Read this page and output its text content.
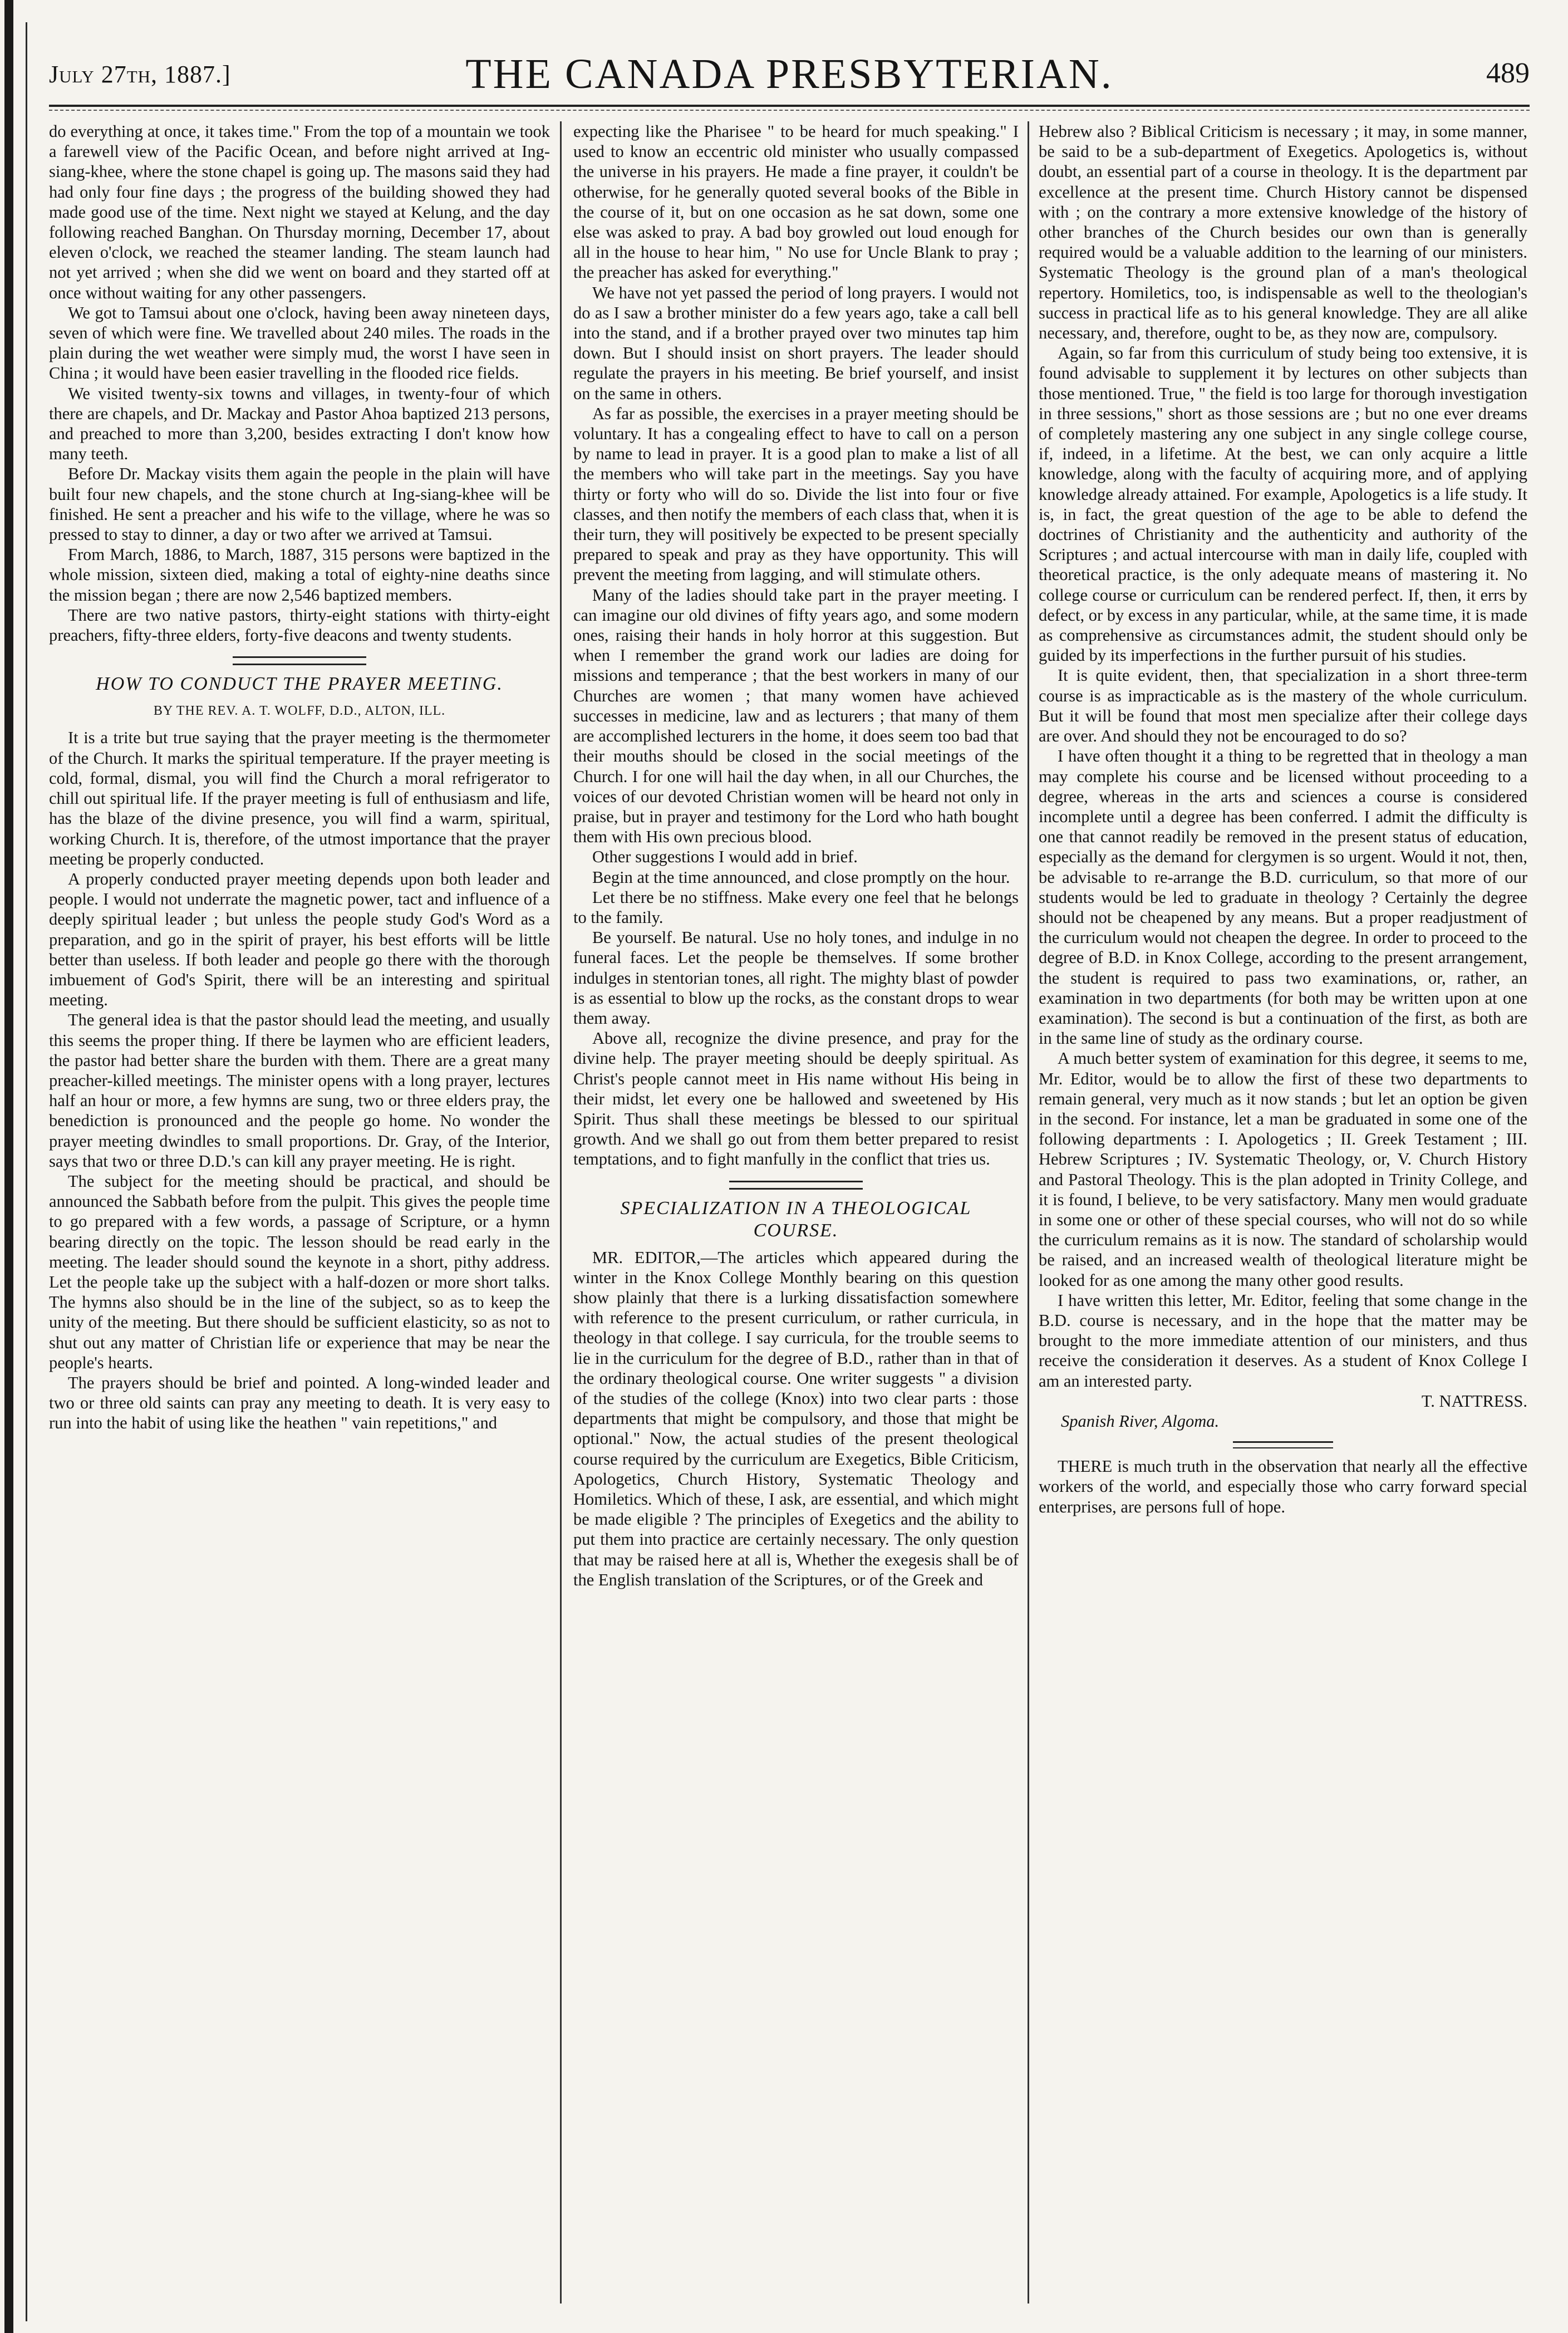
July 27th, 1887.]	THE CANADA PRESBYTERIAN.	489

do everything at once, it takes time." From the top of a mountain we took a farewell view of the Pacific Ocean, and before night arrived at Ing-siang-khee, where the stone chapel is going up. The masons said they had had only four fine days ; the progress of the building showed they had made good use of the time. Next night we stayed at Kelung, and the day following reached Banghan. On Thursday morning, December 17, about eleven o'clock, we reached the steamer landing. The steam launch had not yet arrived ; when she did we went on board and they started off at once without waiting for any other passengers.

We got to Tamsui about one o'clock, having been away nineteen days, seven of which were fine. We travelled about 240 miles. The roads in the plain during the wet weather were simply mud, the worst I have seen in China ; it would have been easier travelling in the flooded rice fields.

We visited twenty-six towns and villages, in twenty-four of which there are chapels, and Dr. Mackay and Pastor Ahoa baptized 213 persons, and preached to more than 3,200, besides extracting I don't know how many teeth.

Before Dr. Mackay visits them again the people in the plain will have built four new chapels, and the stone church at Ing-siang-khee will be finished. He sent a preacher and his wife to the village, where he was so pressed to stay to dinner, a day or two after we arrived at Tamsui.

From March, 1886, to March, 1887, 315 persons were baptized in the whole mission, sixteen died, making a total of eighty-nine deaths since the mission began ; there are now 2,546 baptized members.

There are two native pastors, thirty-eight stations with thirty-eight preachers, fifty-three elders, forty-five deacons and twenty students.

HOW TO CONDUCT THE PRAYER MEETING.
BY THE REV. A. T. WOLFF, D.D., ALTON, ILL.

It is a trite but true saying that the prayer meeting is the thermometer of the Church. It marks the spiritual temperature. If the prayer meeting is cold, formal, dismal, you will find the Church a moral refrigerator to chill out spiritual life. If the prayer meeting is full of enthusiasm and life, has the blaze of the divine presence, you will find a warm, spiritual, working Church. It is, therefore, of the utmost importance that the prayer meeting be properly conducted.

A properly conducted prayer meeting depends upon both leader and people. I would not underrate the magnetic power, tact and influence of a deeply spiritual leader ; but unless the people study God's Word as a preparation, and go in the spirit of prayer, his best efforts will be little better than useless. If both leader and people go there with the thorough imbuement of God's Spirit, there will be an interesting and spiritual meeting.

The general idea is that the pastor should lead the meeting, and usually this seems the proper thing. If there be laymen who are efficient leaders, the pastor had better share the burden with them. There are a great many preacher-killed meetings. The minister opens with a long prayer, lectures half an hour or more, a few hymns are sung, two or three elders pray, the benediction is pronounced and the people go home. No wonder the prayer meeting dwindles to small proportions. Dr. Gray, of the Interior, says that two or three D.D.'s can kill any prayer meeting. He is right.

The subject for the meeting should be practical, and should be announced the Sabbath before from the pulpit. This gives the people time to go prepared with a few words, a passage of Scripture, or a hymn bearing directly on the topic. The lesson should be read early in the meeting. The leader should sound the keynote in a short, pithy address. Let the people take up the subject with a half-dozen or more short talks. The hymns also should be in the line of the subject, so as to keep the unity of the meeting. But there should be sufficient elasticity, so as not to shut out any matter of Christian life or experience that may be near the people's hearts.

The prayers should be brief and pointed. A long-winded leader and two or three old saints can pray any meeting to death. It is very easy to run into the habit of using like the heathen " vain repetitions," and

expecting like the Pharisee " to be heard for much speaking." I used to know an eccentric old minister who usually compassed the universe in his prayers. He made a fine prayer, it couldn't be otherwise, for he generally quoted several books of the Bible in the course of it, but on one occasion as he sat down, some one else was asked to pray. A bad boy growled out loud enough for all in the house to hear him, " No use for Uncle Blank to pray ; the preacher has asked for everything."

We have not yet passed the period of long prayers. I would not do as I saw a brother minister do a few years ago, take a call bell into the stand, and if a brother prayed over two minutes tap him down. But I should insist on short prayers. The leader should regulate the prayers in his meeting. Be brief yourself, and insist on the same in others.

As far as possible, the exercises in a prayer meeting should be voluntary. It has a congealing effect to have to call on a person by name to lead in prayer. It is a good plan to make a list of all the members who will take part in the meetings. Say you have thirty or forty who will do so. Divide the list into four or five classes, and then notify the members of each class that, when it is their turn, they will positively be expected to be present specially prepared to speak and pray as they have opportunity. This will prevent the meeting from lagging, and will stimulate others.

Many of the ladies should take part in the prayer meeting. I can imagine our old divines of fifty years ago, and some modern ones, raising their hands in holy horror at this suggestion. But when I remember the grand work our ladies are doing for missions and temperance ; that the best workers in many of our Churches are women ; that many women have achieved successes in medicine, law and as lecturers ; that many of them are accomplished lecturers in the home, it does seem too bad that their mouths should be closed in the social meetings of the Church. I for one will hail the day when, in all our Churches, the voices of our devoted Christian women will be heard not only in praise, but in prayer and testimony for the Lord who hath bought them with His own precious blood.

Other suggestions I would add in brief.

Begin at the time announced, and close promptly on the hour.

Let there be no stiffness. Make every one feel that he belongs to the family.

Be yourself. Be natural. Use no holy tones, and indulge in no funeral faces. Let the people be themselves. If some brother indulges in stentorian tones, all right. The mighty blast of powder is as essential to blow up the rocks, as the constant drops to wear them away.

Above all, recognize the divine presence, and pray for the divine help. The prayer meeting should be deeply spiritual. As Christ's people cannot meet in His name without His being in their midst, let every one be hallowed and sweetened by His Spirit. Thus shall these meetings be blessed to our spiritual growth. And we shall go out from them better prepared to resist temptations, and to fight manfully in the conflict that tries us.

SPECIALIZATION IN A THEOLOGICAL COURSE.

MR. EDITOR,—The articles which appeared during the winter in the Knox College Monthly bearing on this question show plainly that there is a lurking dissatisfaction somewhere with reference to the present curriculum, or rather curricula, in theology in that college. I say curricula, for the trouble seems to lie in the curriculum for the degree of B.D., rather than in that of the ordinary theological course. One writer suggests " a division of the studies of the college (Knox) into two clear parts : those departments that might be compulsory, and those that might be optional." Now, the actual studies of the present theological course required by the curriculum are Exegetics, Bible Criticism, Apologetics, Church History, Systematic Theology and Homiletics. Which of these, I ask, are essential, and which might be made eligible ? The principles of Exegetics and the ability to put them into practice are certainly necessary. The only question that may be raised here at all is, Whether the exegesis shall be of the English translation of the Scriptures, or of the Greek and

Hebrew also ? Biblical Criticism is necessary ; it may, in some manner, be said to be a sub-department of Exegetics. Apologetics is, without doubt, an essential part of a course in theology. It is the department par excellence at the present time. Church History cannot be dispensed with ; on the contrary a more extensive knowledge of the history of other branches of the Church besides our own than is generally required would be a valuable addition to the learning of our ministers. Systematic Theology is the ground plan of a man's theological repertory. Homiletics, too, is indispensable as well to the theologian's success in practical life as to his general knowledge. They are all alike necessary, and, therefore, ought to be, as they now are, compulsory.

Again, so far from this curriculum of study being too extensive, it is found advisable to supplement it by lectures on other subjects than those mentioned. True, " the field is too large for thorough investigation in three sessions," short as those sessions are ; but no one ever dreams of completely mastering any one subject in any single college course, if, indeed, in a lifetime. At the best, we can only acquire a little knowledge, along with the faculty of acquiring more, and of applying knowledge already attained. For example, Apologetics is a life study. It is, in fact, the great question of the age to be able to defend the doctrines of Christianity and the authenticity and authority of the Scriptures ; and actual intercourse with man in daily life, coupled with theoretical practice, is the only adequate means of mastering it. No college course or curriculum can be rendered perfect. If, then, it errs by defect, or by excess in any particular, while, at the same time, it is made as comprehensive as circumstances admit, the student should only be guided by its imperfections in the further pursuit of his studies.

It is quite evident, then, that specialization in a short three-term course is as impracticable as is the mastery of the whole curriculum. But it will be found that most men specialize after their college days are over. And should they not be encouraged to do so?

I have often thought it a thing to be regretted that in theology a man may complete his course and be licensed without proceeding to a degree, whereas in the arts and sciences a course is considered incomplete until a degree has been conferred. I admit the difficulty is one that cannot readily be removed in the present status of education, especially as the demand for clergymen is so urgent. Would it not, then, be advisable to re-arrange the B.D. curriculum, so that more of our students would be led to graduate in theology ? Certainly the degree should not be cheapened by any means. But a proper readjustment of the curriculum would not cheapen the degree. In order to proceed to the degree of B.D. in Knox College, according to the present arrangement, the student is required to pass two examinations, or, rather, an examination in two departments (for both may be written upon at one examination). The second is but a continuation of the first, as both are in the same line of study as the ordinary course.

A much better system of examination for this degree, it seems to me, Mr. Editor, would be to allow the first of these two departments to remain general, very much as it now stands ; but let an option be given in the second. For instance, let a man be graduated in some one of the following departments : I. Apologetics ; II. Greek Testament ; III. Hebrew Scriptures ; IV. Systematic Theology, or, V. Church History and Pastoral Theology. This is the plan adopted in Trinity College, and it is found, I believe, to be very satisfactory. Many men would graduate in some one or other of these special courses, who will not do so while the curriculum remains as it is now. The standard of scholarship would be raised, and an increased wealth of theological literature might be looked for as one among the many other good results.

I have written this letter, Mr. Editor, feeling that some change in the B.D. course is necessary, and in the hope that the matter may be brought to the more immediate attention of our ministers, and thus receive the consideration it deserves. As a student of Knox College I am an interested party.

T. NATTRESS.
Spanish River, Algoma.

THERE is much truth in the observation that nearly all the effective workers of the world, and especially those who carry forward special enterprises, are persons full of hope.
